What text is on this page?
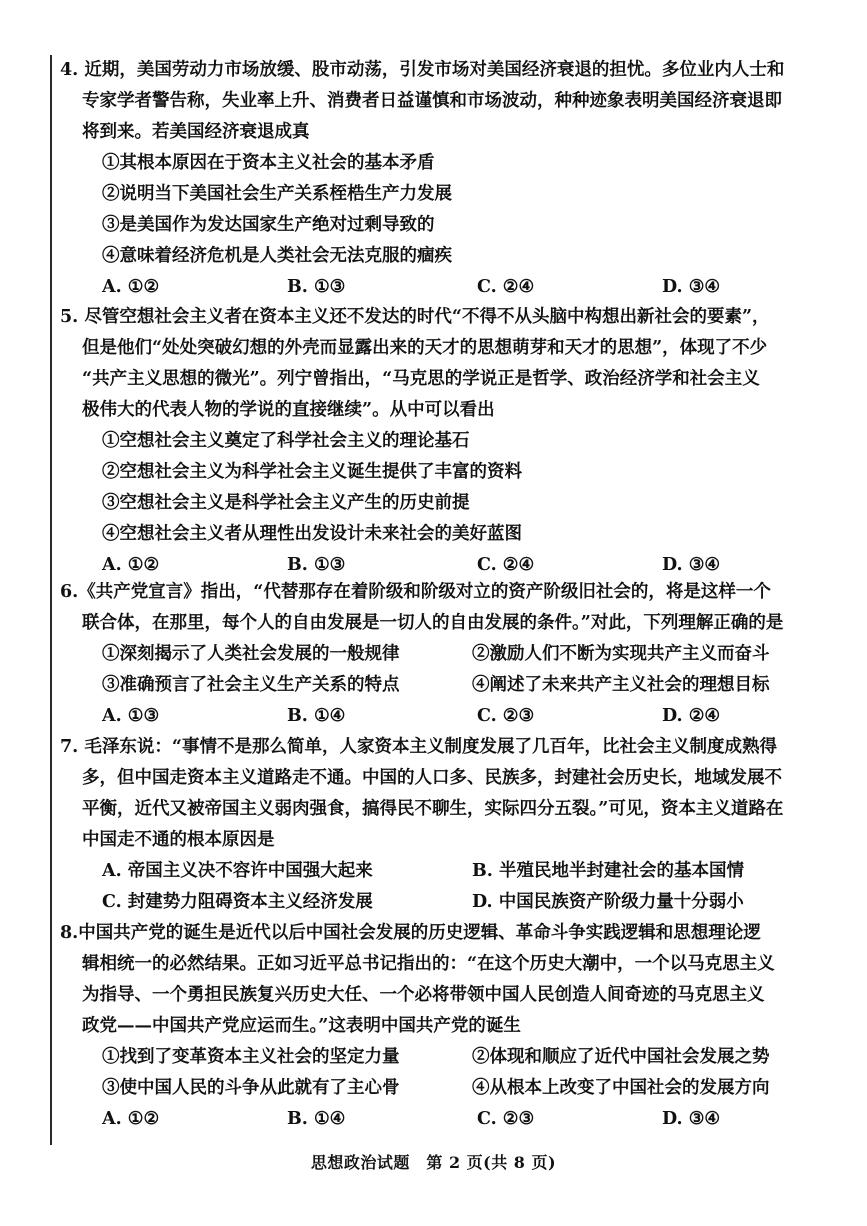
4. 近期，美国劳动力市场放缓、股市动荡，引发市场对美国经济衰退的担忧。多位业内人士和
专家学者警告称，失业率上升、消费者日益谨慎和市场波动，种种迹象表明美国经济衰退即
将到来。若美国经济衰退成真
①其根本原因在于资本主义社会的基本矛盾
②说明当下美国社会生产关系桎梏生产力发展
③是美国作为发达国家生产绝对过剩导致的
④意味着经济危机是人类社会无法克服的痼疾
A. ①②	B. ①③	C. ②④	D. ③④
5. 尽管空想社会主义者在资本主义还不发达的时代“不得不从头脑中构想出新社会的要素”，
但是他们“处处突破幻想的外壳而显露出来的天才的思想萌芽和天才的思想”，体现了不少
“共产主义思想的微光”。列宁曾指出，“马克思的学说正是哲学、政治经济学和社会主义
极伟大的代表人物的学说的直接继续”。从中可以看出
①空想社会主义奠定了科学社会主义的理论基石
②空想社会主义为科学社会主义诞生提供了丰富的资料
③空想社会主义是科学社会主义产生的历史前提
④空想社会主义者从理性出发设计未来社会的美好蓝图
A. ①②	B. ①③	C. ②④	D. ③④
6.《共产党宣言》指出，“代替那存在着阶级和阶级对立的资产阶级旧社会的，将是这样一个
联合体，在那里，每个人的自由发展是一切人的自由发展的条件。”对此，下列理解正确的是
①深刻揭示了人类社会发展的一般规律	②激励人们不断为实现共产主义而奋斗
③准确预言了社会主义生产关系的特点	④阐述了未来共产主义社会的理想目标
A. ①③	B. ①④	C. ②③	D. ②④
7. 毛泽东说：“事情不是那么简单，人家资本主义制度发展了几百年，比社会主义制度成熟得
多，但中国走资本主义道路走不通。中国的人口多、民族多，封建社会历史长，地域发展不
平衡，近代又被帝国主义弱肉强食，搞得民不聊生，实际四分五裂。”可见，资本主义道路在
中国走不通的根本原因是
A. 帝国主义决不容许中国强大起来	B. 半殖民地半封建社会的基本国情
C. 封建势力阻碍资本主义经济发展	D. 中国民族资产阶级力量十分弱小
8.中国共产党的诞生是近代以后中国社会发展的历史逻辑、革命斗争实践逻辑和思想理论逻
辑相统一的必然结果。正如习近平总书记指出的：“在这个历史大潮中，一个以马克思主义
为指导、一个勇担民族复兴历史大任、一个必将带领中国人民创造人间奇迹的马克思主义
政党——中国共产党应运而生。”这表明中国共产党的诞生
①找到了变革资本主义社会的坚定力量	②体现和顺应了近代中国社会发展之势
③使中国人民的斗争从此就有了主心骨	④从根本上改变了中国社会的发展方向
A. ①②	B. ①④	C. ②③	D. ③④
思想政治试题　第 2 页(共 8 页)
